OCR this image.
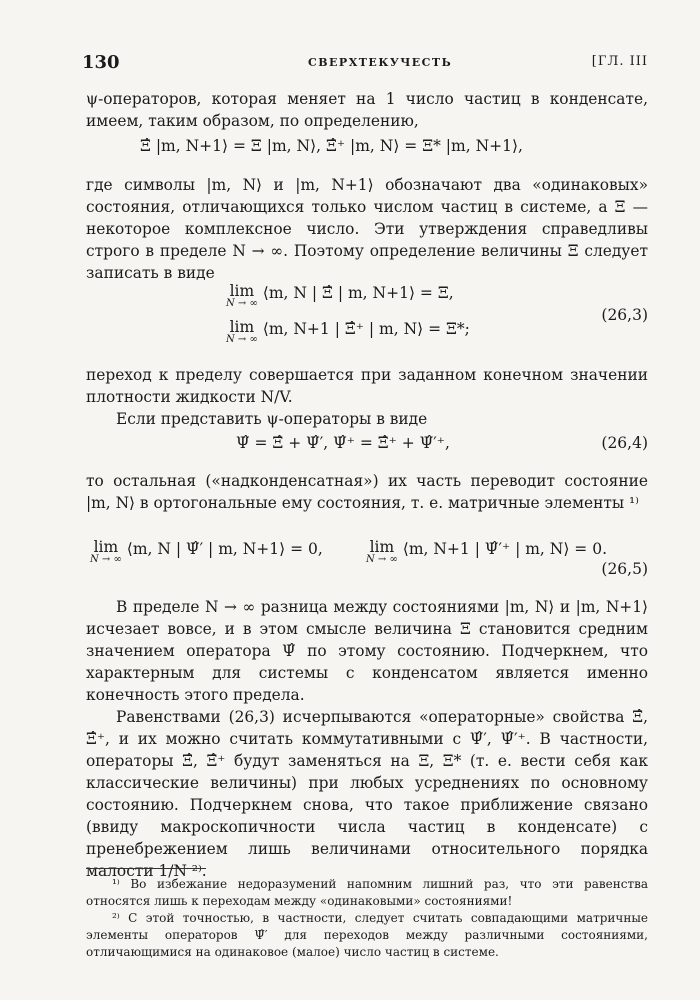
130	СВЕРХТЕКУЧЕСТЬ	[ГЛ. III

ψ-операторов, которая меняет на 1 число частиц в конденсате, имеем, таким образом, по определению,

Ξ̂ |m, N+1⟩ = Ξ |m, N⟩, Ξ̂⁺ |m, N⟩ = Ξ* |m, N+1⟩,

где символы |m, N⟩ и |m, N+1⟩ обозначают два «одинаковых» состояния, отличающихся только числом частиц в системе, а Ξ — некоторое комплексное число. Эти утверждения справедливы строго в пределе N → ∞. Поэтому определение величины Ξ следует записать в виде

lim
N → ∞
⟨m, N | Ξ̂ | m, N+1⟩ = Ξ,
lim
N → ∞
⟨m, N+1 | Ξ̂⁺ | m, N⟩ = Ξ*;
(26,3)

переход к пределу совершается при заданном конечном значении плотности жидкости N/V.

Если представить ψ-операторы в виде

Ψ̂ = Ξ̂ + Ψ̂′, Ψ̂⁺ = Ξ̂⁺ + Ψ̂′⁺,	(26,4)

то остальная («надконденсатная») их часть переводит состояние |m, N⟩ в ортогональные ему состояния, т. е. матричные элементы ¹⁾

lim
N → ∞
⟨m, N | Ψ̂′ | m, N+1⟩ = 0,	lim
N → ∞
⟨m, N+1 | Ψ̂′⁺ | m, N⟩ = 0.
(26,5)

В пределе N → ∞ разница между состояниями |m, N⟩ и |m, N+1⟩ исчезает вовсе, и в этом смысле величина Ξ становится средним значением оператора Ψ̂ по этому состоянию. Подчеркнем, что характерным для системы с конденсатом является именно конечность этого предела.

Равенствами (26,3) исчерпываются «операторные» свойства Ξ̂, Ξ̂⁺, и их можно считать коммутативными с Ψ̂′, Ψ̂′⁺. В частности, операторы Ξ̂, Ξ̂⁺ будут заменяться на Ξ, Ξ* (т. е. вести себя как классические величины) при любых усреднениях по основному состоянию. Подчеркнем снова, что такое приближение связано (ввиду макроскопичности числа частиц в конденсате) с пренебрежением лишь величинами относительного порядка малости 1/N ²⁾.

¹⁾ Во избежание недоразумений напомним лишний раз, что эти равенства относятся лишь к переходам между «одинаковыми» состояниями!

²⁾ С этой точностью, в частности, следует считать совпадающими матричные элементы операторов Ψ̂′ для переходов между различными состояниями, отличающимися на одинаковое (малое) число частиц в системе.
